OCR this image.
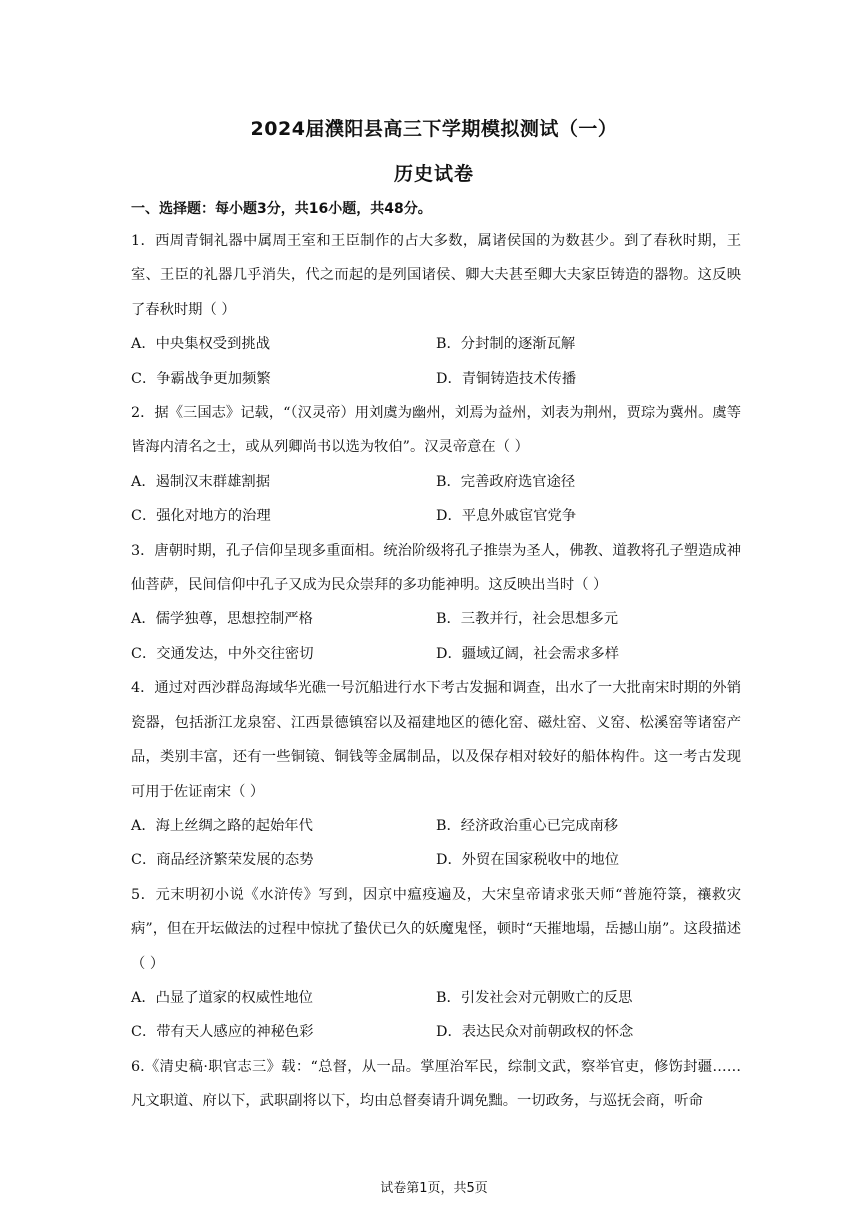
2024届濮阳县高三下学期模拟测试（一）
历史试卷
一、选择题：每小题3分，共16小题，共48分。
1．西周青铜礼器中属周王室和王臣制作的占大多数，属诸侯国的为数甚少。到了春秋时期，王室、王臣的礼器几乎消失，代之而起的是列国诸侯、卿大夫甚至卿大夫家臣铸造的器物。这反映了春秋时期（ ）
A．中央集权受到挑战	B．分封制的逐渐瓦解
C．争霸战争更加频繁	D．青铜铸造技术传播
2．据《三国志》记载，“（汉灵帝）用刘虞为幽州，刘焉为益州，刘表为荆州，贾琮为冀州。虞等皆海内清名之士，或从列卿尚书以选为牧伯”。汉灵帝意在（ ）
A．遏制汉末群雄割据	B．完善政府选官途径
C．强化对地方的治理	D．平息外戚宦官党争
3．唐朝时期，孔子信仰呈现多重面相。统治阶级将孔子推崇为圣人，佛教、道教将孔子塑造成神仙菩萨，民间信仰中孔子又成为民众崇拜的多功能神明。这反映出当时（ ）
A．儒学独尊，思想控制严格	B．三教并行，社会思想多元
C．交通发达，中外交往密切	D．疆域辽阔，社会需求多样
4．通过对西沙群岛海域华光礁一号沉船进行水下考古发掘和调查，出水了一大批南宋时期的外销瓷器，包括浙江龙泉窑、江西景德镇窑以及福建地区的德化窑、磁灶窑、义窑、松溪窑等诸窑产品，类别丰富，还有一些铜镜、铜钱等金属制品，以及保存相对较好的船体构件。这一考古发现可用于佐证南宋（ ）
A．海上丝绸之路的起始年代	B．经济政治重心已完成南移
C．商品经济繁荣发展的态势	D．外贸在国家税收中的地位
5．元末明初小说《水浒传》写到，因京中瘟疫遍及，大宋皇帝请求张天师“普施符箓，禳救灾病”，但在开坛做法的过程中惊扰了蛰伏已久的妖魔鬼怪，顿时“天摧地塌，岳撼山崩”。这段描述（ ）
A．凸显了道家的权威性地位	B．引发社会对元朝败亡的反思
C．带有天人感应的神秘色彩	D．表达民众对前朝政权的怀念
6.《清史稿·职官志三》载：“总督，从一品。掌厘治军民，综制文武，察举官吏，修饬封疆……凡文职道、府以下，武职副将以下，均由总督奏请升调免黜。一切政务，与巡抚会商，听命
试卷第1页，共5页
